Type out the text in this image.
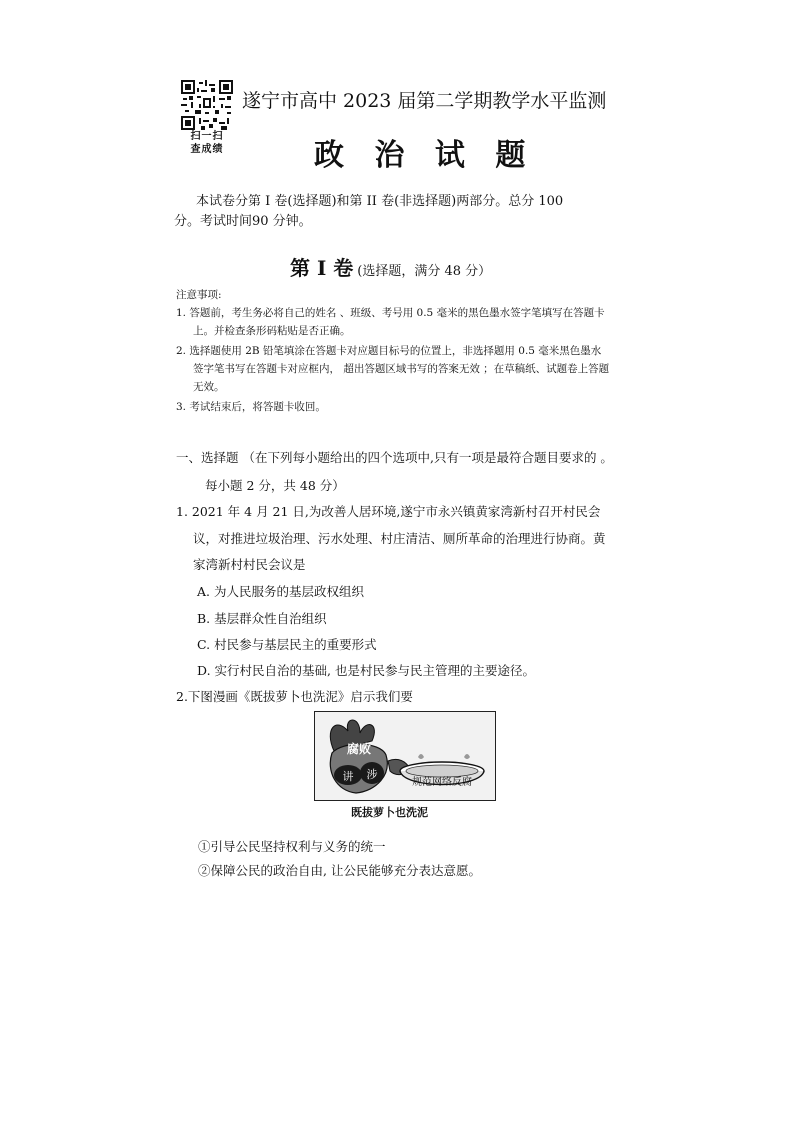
扫一扫
查成绩
遂宁市高中 2023 届第二学期教学水平监测
政 治 试 题
本试卷分第 I 卷(选择题)和第 II 卷(非选择题)两部分。总分 100
分。考试时间90 分钟。
第 Ⅰ 卷 (选择题，满分 48 分）
注意事项:
1. 答题前，考生务必将自己的姓名 、班级、考号用 0.5 毫米的黑色墨水签字笔填写在答题卡
上。并检查条形码粘贴是否正确。
2. 选择题使用 2B 铅笔填涂在答题卡对应题目标号的位置上，非选择题用 0.5 毫米黑色墨水
签字笔书写在答题卡对应框内， 超出答题区域书写的答案无效 ；在草稿纸、试题卷上答题
无效。
3. 考试结束后，将答题卡收回。
一、选择题 （在下列每小题给出的四个选项中,只有一项是最符合题目要求的 。
每小题 2 分，共 48 分）
1. 2021 年 4 月 21 日,为改善人居环境,遂宁市永兴镇黄家湾新村召开村民会
议，对推进垃圾治理、污水处理、村庄清洁、厕所革命的治理进行协商。黄
家湾新村村民会议是
A. 为人民服务的基层政权组织
B. 基层群众性自治组织
C. 村民参与基层民主的重要形式
D. 实行村民自治的基础, 也是村民参与民主管理的主要途径。
2.下图漫画《既拔萝卜也洗泥》启示我们要
腐败
讲 涉
规范网络反腐
既拔萝卜也洗泥
①引导公民坚持权利与义务的统一
②保障公民的政治自由, 让公民能够充分表达意愿。
